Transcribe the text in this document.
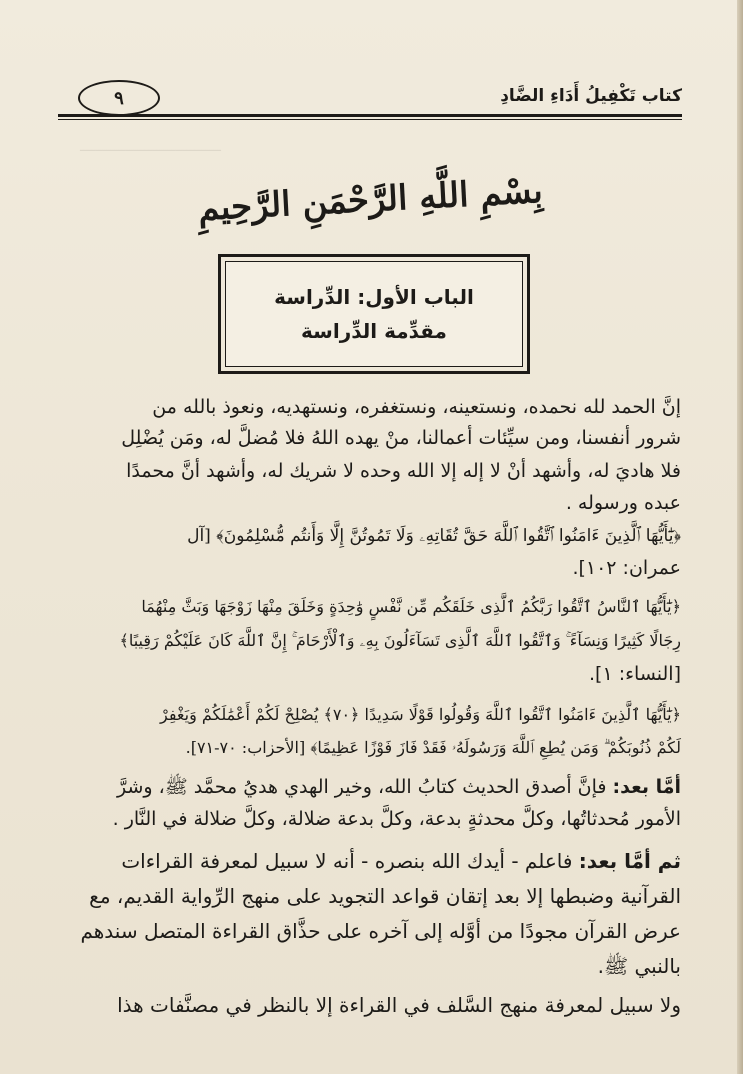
ـــــــــــــــــــــــــــــــــــــ
كتاب تَكْفِيلُ أَدَاءِ الضَّادِ
٩
بِسْمِ اللَّهِ الرَّحْمَنِ الرَّحِيمِ
الباب الأول: الدِّراسة
مقدِّمة الدِّراسة
إنَّ الحمد لله نحمده، ونستعينه، ونستغفره، ونستهديه، ونعوذ بالله من
شرور أنفسنا، ومن سيِّئات أعمالنا، منْ يهده اللهُ فلا مُضلَّ له، ومَن يُضْلِل
فلا هاديَ له، وأشهد أنْ لا إله إلا الله وحده لا شريك له، وأشهد أنَّ محمدًا
عبده ورسوله .
﴿يَٰٓأَيُّهَا ٱلَّذِينَ ءَامَنُوا ٱتَّقُوا ٱللَّهَ حَقَّ تُقَاتِهِۦ وَلَا تَمُوتُنَّ إِلَّا وَأَنتُم مُّسْلِمُونَ﴾ [آل
عمران: ١٠٢].
﴿يَٰٓأَيُّهَا ٱلنَّاسُ ٱتَّقُوا رَبَّكُمُ ٱلَّذِى خَلَقَكُم مِّن نَّفْسٍ وَٰحِدَةٍ وَخَلَقَ مِنْهَا زَوْجَهَا وَبَثَّ مِنْهُمَا
رِجَالًا كَثِيرًا وَنِسَآءً ۚ وَٱتَّقُوا ٱللَّهَ ٱلَّذِى تَسَآءَلُونَ بِهِۦ وَٱلْأَرْحَامَ ۚ إِنَّ ٱللَّهَ كَانَ عَلَيْكُمْ رَقِيبًا﴾
[النساء: ١].
﴿يَٰٓأَيُّهَا ٱلَّذِينَ ءَامَنُوا ٱتَّقُوا ٱللَّهَ وَقُولُوا قَوْلًا سَدِيدًا ﴿٧٠﴾ يُصْلِحْ لَكُمْ أَعْمَٰلَكُمْ وَيَغْفِرْ
لَكُمْ ذُنُوبَكُمْ ۗ وَمَن يُطِعِ ٱللَّهَ وَرَسُولَهُۥ فَقَدْ فَازَ فَوْزًا عَظِيمًا﴾ [الأحزاب: ٧٠-٧١].
أمَّا بعد: فإنَّ أصدق الحديث كتابُ الله، وخير الهدي هديُ محمَّد ﷺ، وشرَّ
الأمور مُحدثاتُها، وكلَّ محدثةٍ بدعة، وكلَّ بدعة ضلالة، وكلَّ ضلالة في النَّار .
ثم أمَّا بعد: فاعلم - أيدك الله بنصره - أنه لا سبيل لمعرفة القراءات
القرآنية وضبطها إلا بعد إتقان قواعد التجويد على منهج الرِّواية القديم، مع
عرض القرآن مجودًا من أوَّله إلى آخره على حذَّاق القراءة المتصل سندهم
بالنبي ﷺ.
ولا سبيل لمعرفة منهج السَّلف في القراءة إلا بالنظر في مصنَّفات هذا
